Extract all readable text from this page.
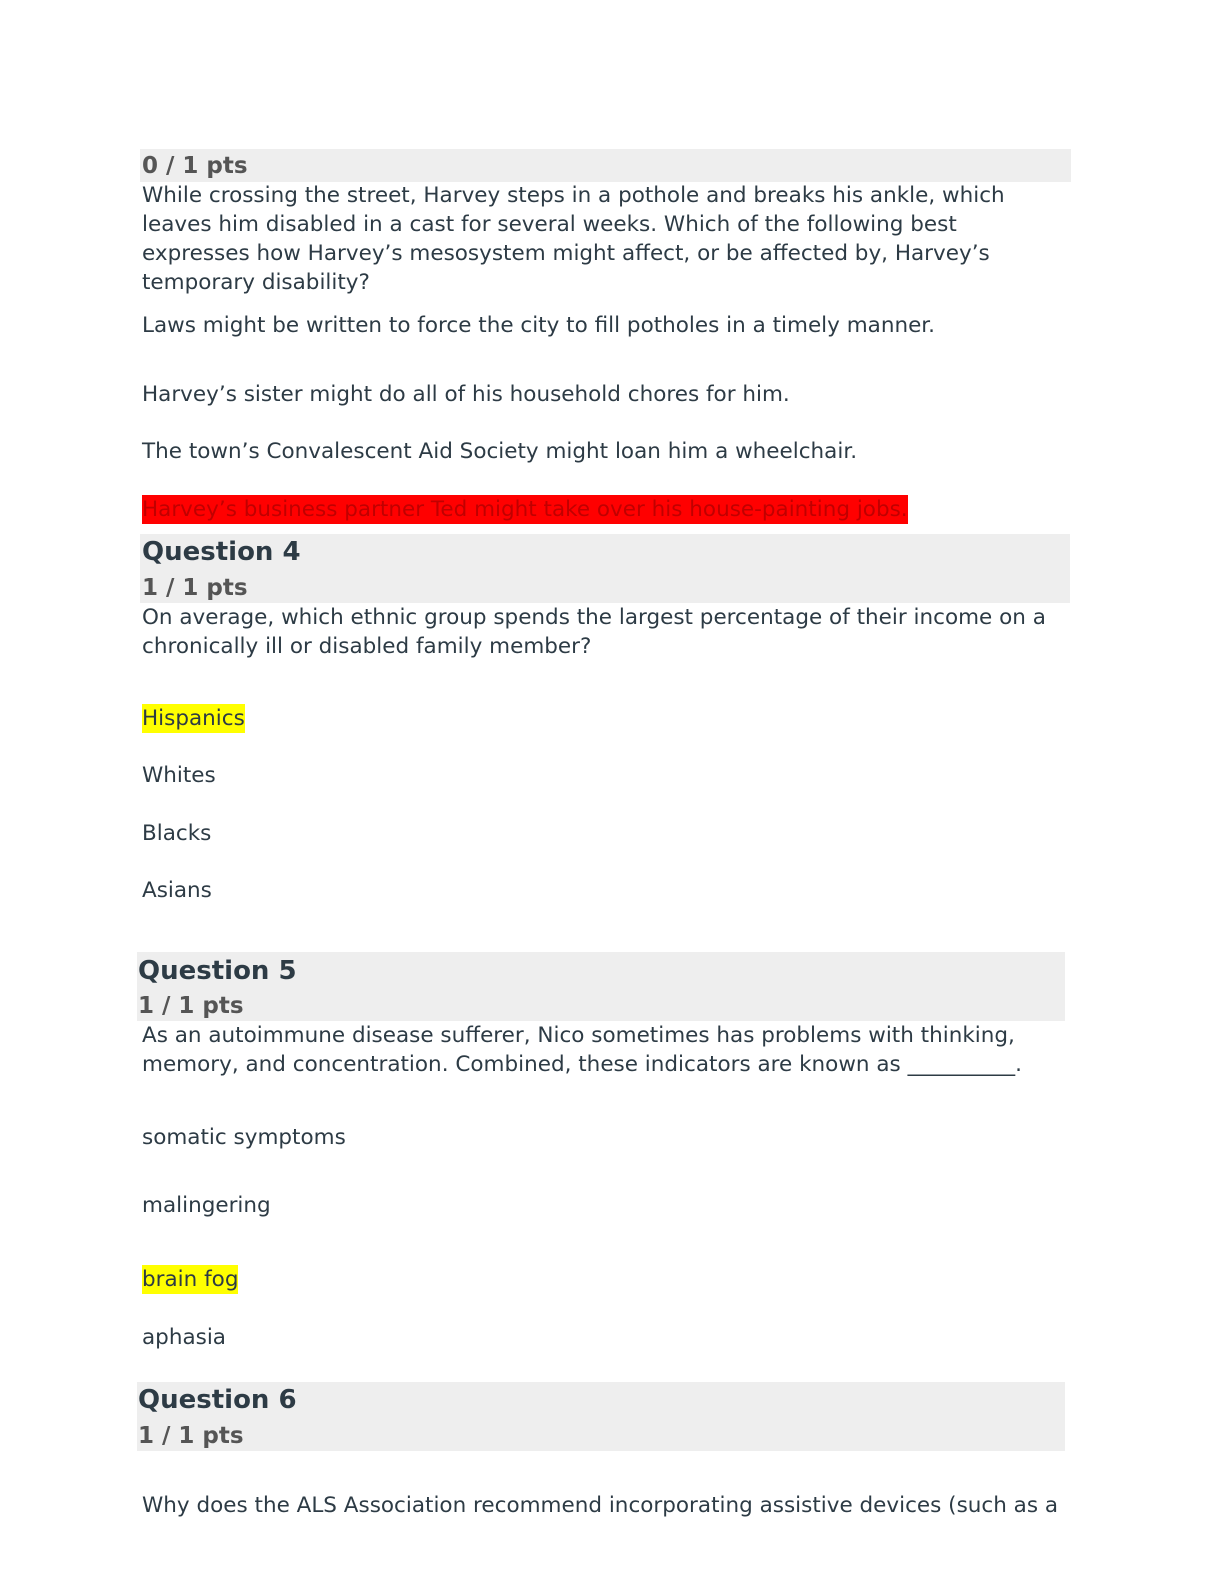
0 / 1 pts
While crossing the street, Harvey steps in a pothole and breaks his ankle, which leaves him disabled in a cast for several weeks. Which of the following best expresses how Harvey’s mesosystem might affect, or be affected by, Harvey’s temporary disability?
Laws might be written to force the city to fill potholes in a timely manner.
Harvey’s sister might do all of his household chores for him.
The town’s Convalescent Aid Society might loan him a wheelchair.
Harvey’s business partner Ted might take over his house-painting jobs.
Question 4
1 / 1 pts
On average, which ethnic group spends the largest percentage of their income on a chronically ill or disabled family member?
Hispanics
Whites
Blacks
Asians
Question 5
1 / 1 pts
As an autoimmune disease sufferer, Nico sometimes has problems with thinking, memory, and concentration. Combined, these indicators are known as __________.
somatic symptoms
malingering
brain fog
aphasia
Question 6
1 / 1 pts
Why does the ALS Association recommend incorporating assistive devices (such as a
